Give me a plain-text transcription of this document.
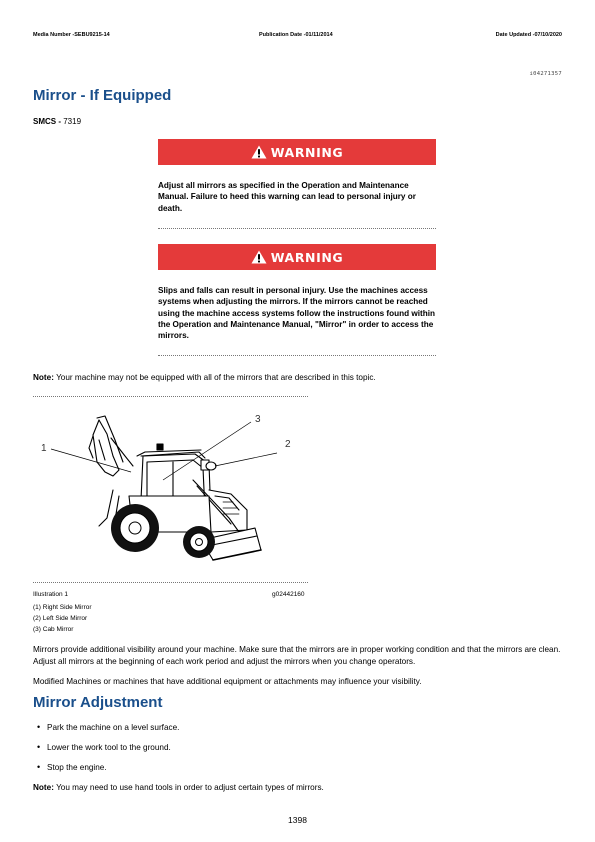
Media Number -SEBU9215-14	Publication Date -01/11/2014	Date Updated -07/10/2020
i04271357
Mirror - If Equipped
SMCS - 7319
WARNING
Adjust all mirrors as specified in the Operation and Maintenance Manual. Failure to heed this warning can lead to personal injury or death.
WARNING
Slips and falls can result in personal injury. Use the machines access systems when adjusting the mirrors. If the mirrors cannot be reached using the machine access systems follow the instructions found within the Operation and Maintenance Manual, "Mirror" in order to access the mirrors.
Note: Your machine may not be equipped with all of the mirrors that are described in this topic.
1	2
3
Illustration 1	g02442160
(1) Right Side Mirror
(2) Left Side Mirror
(3) Cab Mirror
Mirrors provide additional visibility around your machine. Make sure that the mirrors are in proper working condition and that the mirrors are clean. Adjust all mirrors at the beginning of each work period and adjust the mirrors when you change operators.
Modified Machines or machines that have additional equipment or attachments may influence your visibility.
Mirror Adjustment
• Park the machine on a level surface.
• Lower the work tool to the ground.
• Stop the engine.
Note: You may need to use hand tools in order to adjust certain types of mirrors.
1398
